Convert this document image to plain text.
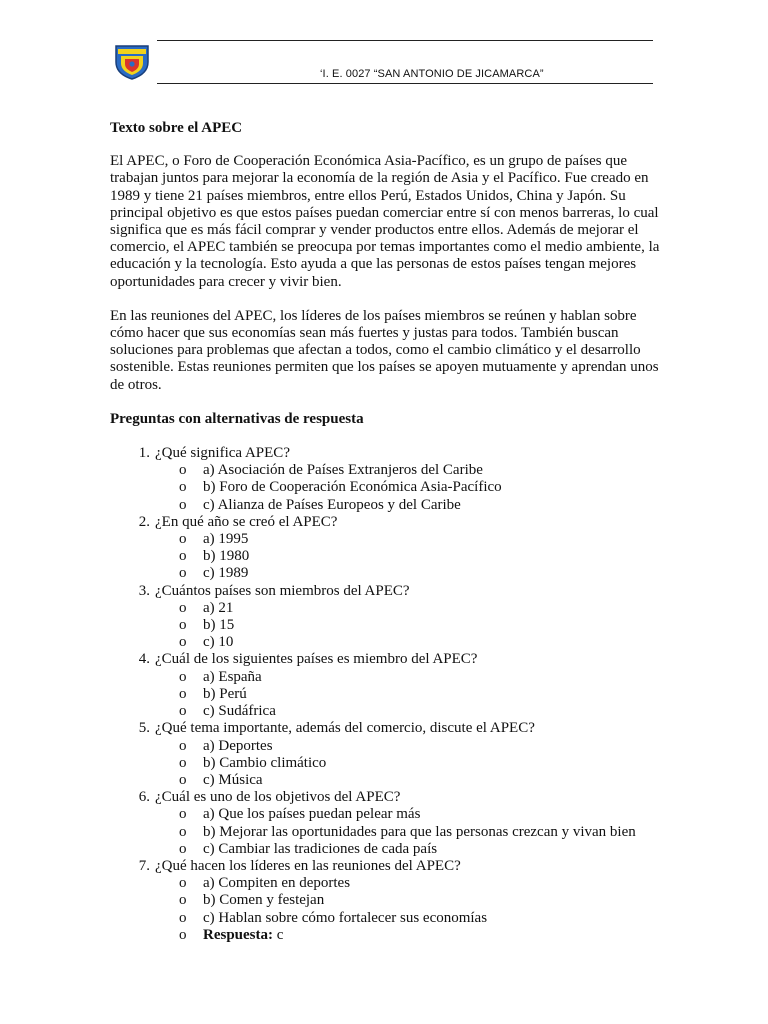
‘I. E. 0027 “SAN ANTONIO DE JICAMARCA”
Texto sobre el APEC

El APEC, o Foro de Cooperación Económica Asia-Pacífico, es un grupo de países que trabajan juntos para mejorar la economía de la región de Asia y el Pacífico. Fue creado en 1989 y tiene 21 países miembros, entre ellos Perú, Estados Unidos, China y Japón. Su principal objetivo es que estos países puedan comerciar entre sí con menos barreras, lo cual significa que es más fácil comprar y vender productos entre ellos. Además de mejorar el comercio, el APEC también se preocupa por temas importantes como el medio ambiente, la educación y la tecnología. Esto ayuda a que las personas de estos países tengan mejores oportunidades para crecer y vivir bien.

En las reuniones del APEC, los líderes de los países miembros se reúnen y hablan sobre cómo hacer que sus economías sean más fuertes y justas para todos. También buscan soluciones para problemas que afectan a todos, como el cambio climático y el desarrollo sostenible. Estas reuniones permiten que los países se apoyen mutuamente y aprendan unos de otros.

Preguntas con alternativas de respuesta
1. ¿Qué significa APEC?
o a) Asociación de Países Extranjeros del Caribe
o b) Foro de Cooperación Económica Asia-Pacífico
o c) Alianza de Países Europeos y del Caribe
2. ¿En qué año se creó el APEC?
o a) 1995
o b) 1980
o c) 1989
3. ¿Cuántos países son miembros del APEC?
o a) 21
o b) 15
o c) 10
4. ¿Cuál de los siguientes países es miembro del APEC?
o a) España
o b) Perú
o c) Sudáfrica
5. ¿Qué tema importante, además del comercio, discute el APEC?
o a) Deportes
o b) Cambio climático
o c) Música
6. ¿Cuál es uno de los objetivos del APEC?
o a) Que los países puedan pelear más
o b) Mejorar las oportunidades para que las personas crezcan y vivan bien
o c) Cambiar las tradiciones de cada país
7. ¿Qué hacen los líderes en las reuniones del APEC?
o a) Compiten en deportes
o b) Comen y festejan
o c) Hablan sobre cómo fortalecer sus economías
o Respuesta: c
